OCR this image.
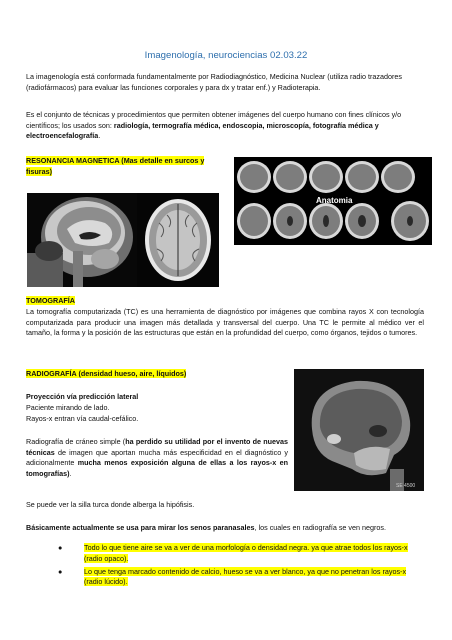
Imagenología, neurociencias 02.03.22

La imagenología está conformada fundamentalmente por Radiodiagnóstico, Medicina Nuclear (utiliza radio trazadores (radiofármacos) para evaluar las funciones corporales y para dx y tratar enf.) y Radioterapia.

Es el conjunto de técnicas y procedimientos que permiten obtener imágenes del cuerpo humano con fines clínicos y/o científicos; los usados son: radiología, termografía médica, endoscopia, microscopía, fotografía médica y electroencefalografía.

RESONANCIA MAGNETICA (Mas detalle en surcos y fisuras)

Anatomia

TOMOGRAFÍA

La tomografía computarizada (TC) es una herramienta de diagnóstico por imágenes que combina rayos X con tecnología computarizada para producir una imagen más detallada y transversal del cuerpo. Una TC le permite al médico ver el tamaño, la forma y la posición de las estructuras que están en la profundidad del cuerpo, como órganos, tejidos o tumores.

RADIOGRAFÍA (densidad hueso, aire, líquidos)

Proyección vía predicción lateral

Paciente mirando de lado.

Rayos-x entran vía caudal-cefálico.

Radiografía de cráneo simple (ha perdido su utilidad por el invento de nuevas técnicas de imagen que aportan mucha más especificidad en el diagnóstico y adicionalmente mucha menos exposición alguna de ellas a los rayos-x en tomografías).

SE 4500

Se puede ver la silla turca donde alberga la hipófisis.

Básicamente actualmente se usa para mirar los senos paranasales, los cuales en radiografía se ven negros.

●	Todo lo que tiene aire se va a ver de una morfología o densidad negra. ya que atrae todos los rayos-x (radio opaco).
●	Lo que tenga marcado contenido de calcio, hueso se va a ver blanco, ya que no penetran los rayos-x (radio lúcido).
